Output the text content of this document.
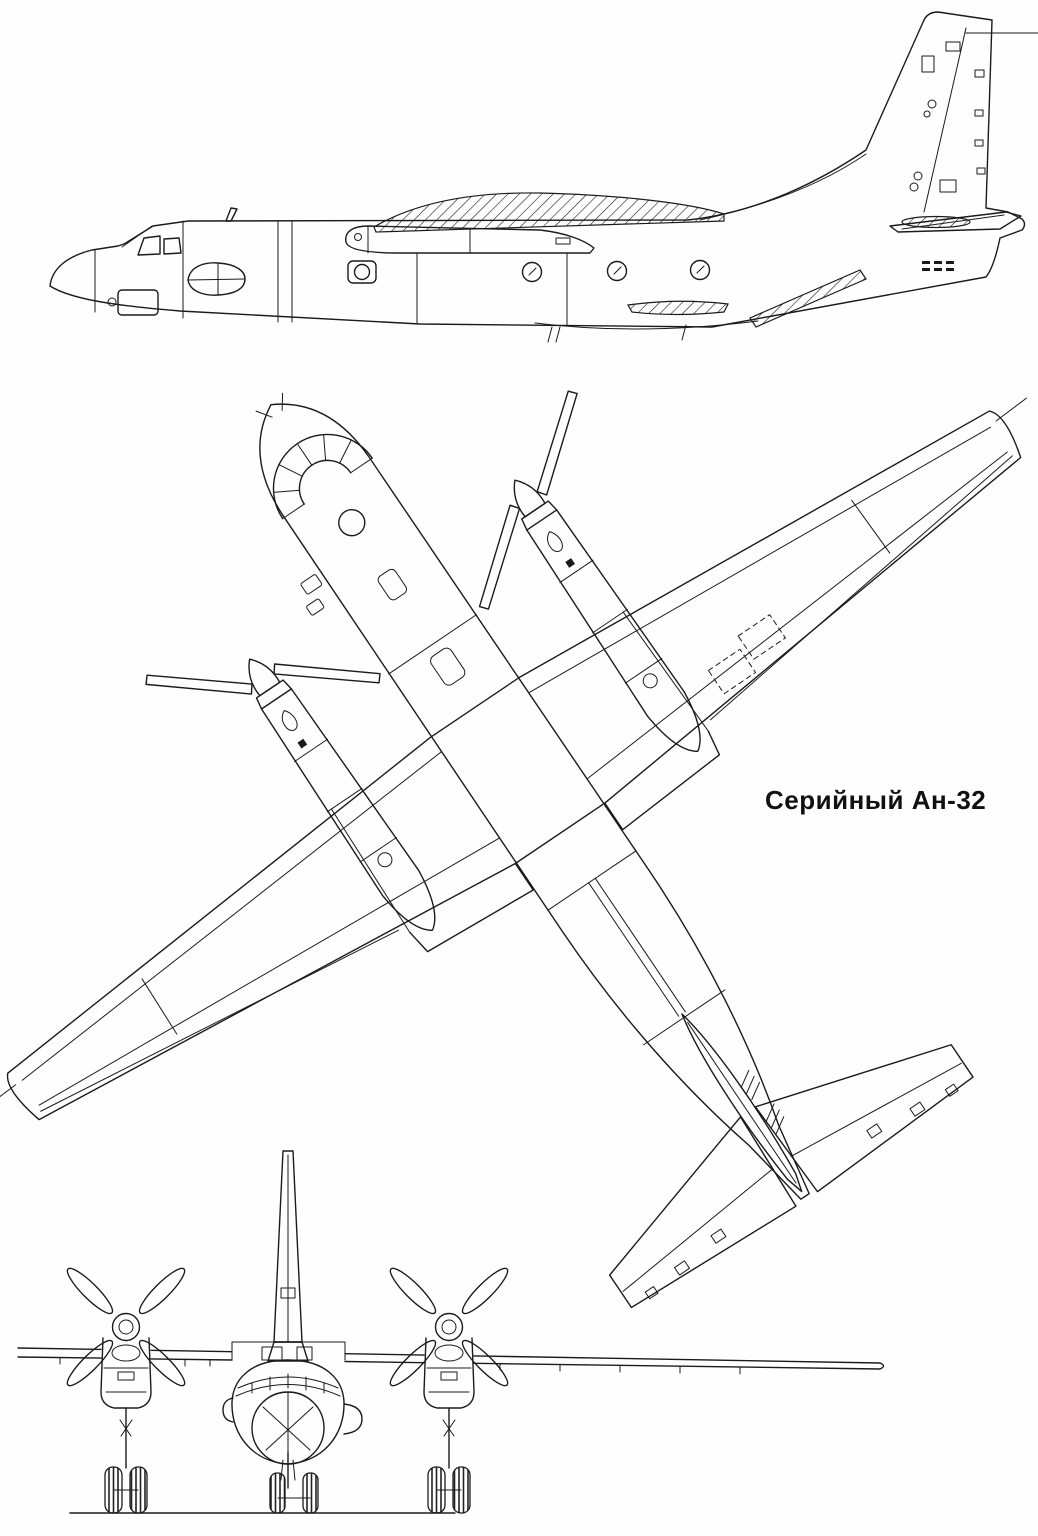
Серийный Ан-32
